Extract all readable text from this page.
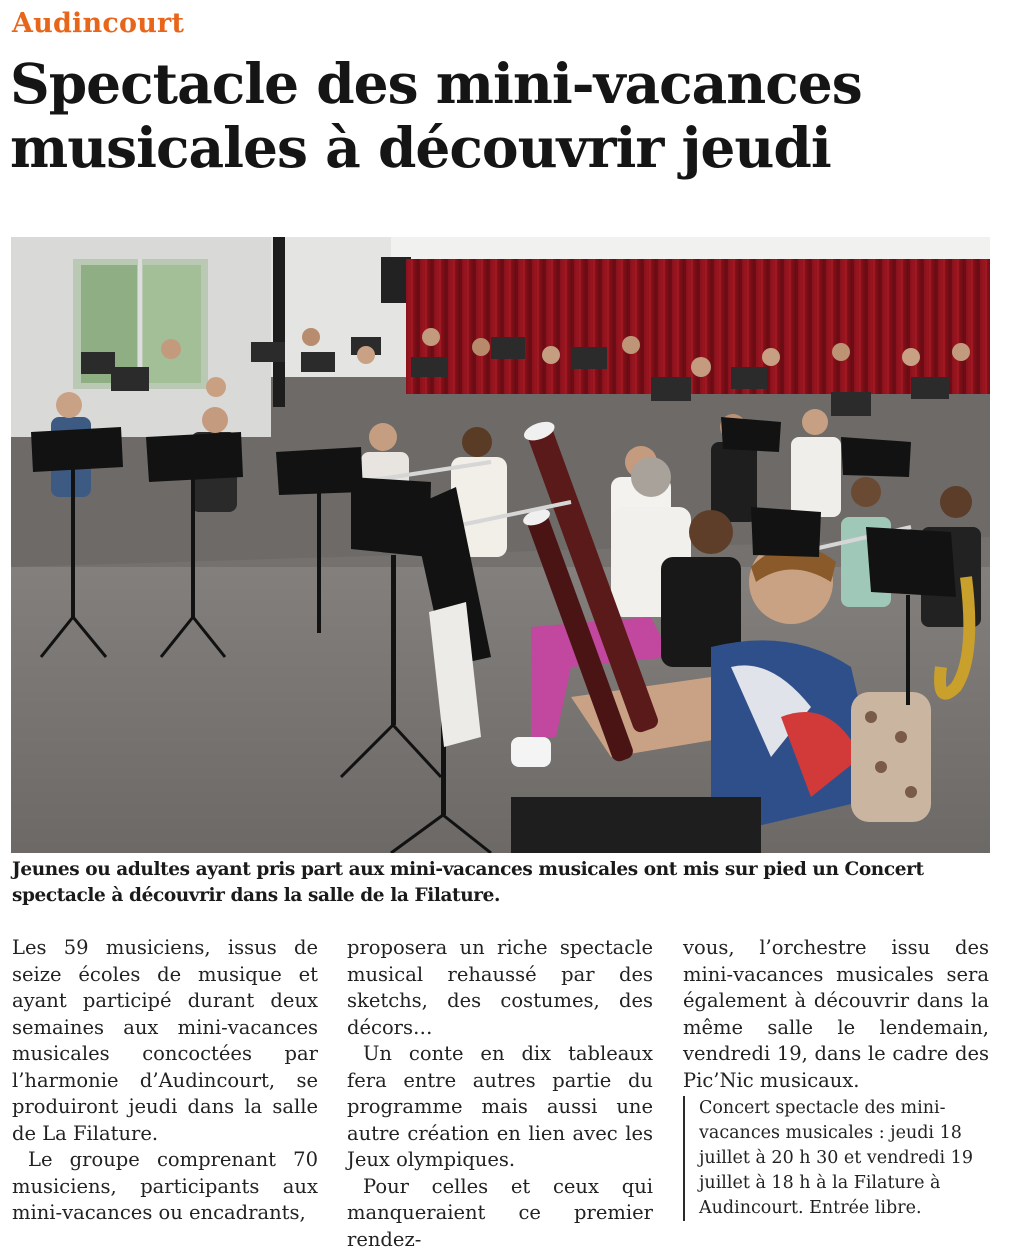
Audincourt
Spectacle des mini-vacances musicales à découvrir jeudi

Jeunes ou adultes ayant pris part aux mini-vacances musicales ont mis sur pied un Concert spectacle à découvrir dans la salle de la Filature.

Les 59 musiciens, issus de seize écoles de musique et ayant participé durant deux semaines aux mini-vacances musicales concoctées par l’harmonie d’Audincourt, se produiront jeudi dans la salle de La Filature.

Le groupe comprenant 70 musiciens, participants aux mini-vacances ou encadrants,

proposera un riche spectacle musical rehaussé par des sketchs, des costumes, des décors…

Un conte en dix tableaux fera entre autres partie du programme mais aussi une autre création en lien avec les Jeux olympiques.

Pour celles et ceux qui manqueraient ce premier rendez-

vous, l’orchestre issu des mini-vacances musicales sera également à découvrir dans la même salle le lendemain, vendredi 19, dans le cadre des Pic’Nic musicaux.

Concert spectacle des mini-vacances musicales : jeudi 18 juillet à 20 h 30 et vendredi 19 juillet à 18 h à la Filature à Audincourt. Entrée libre.
